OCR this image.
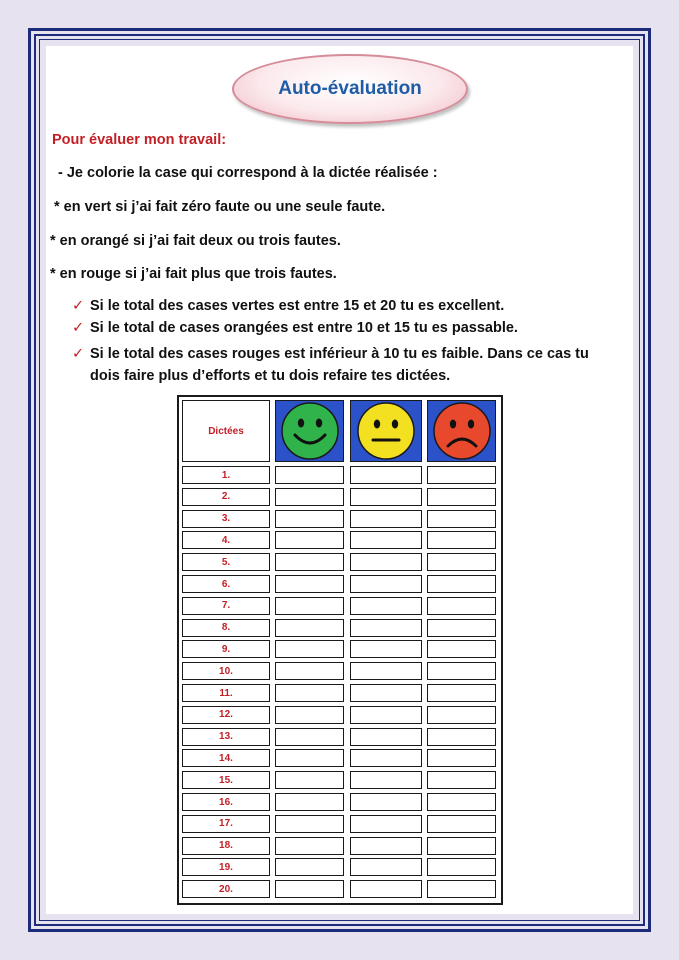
Auto-évaluation
Pour évaluer mon travail:
- Je colorie la case qui correspond à la dictée réalisée :
* en vert si j’ai fait zéro faute ou une seule faute.
* en orangé si j’ai fait deux ou trois fautes.
* en rouge si j’ai fait plus que trois fautes.
✓ Si le total des cases vertes est entre 15 et 20 tu es excellent.
✓ Si le total de cases orangées est entre 10 et 15 tu es passable.
✓ Si le total des cases rouges est inférieur à 10 tu es faible. Dans ce cas tu
dois faire plus d’efforts et tu dois refaire tes dictées.
Dictées
1.
2.
3.
4.
5.
6.
7.
8.
9.
10.
11.
12.
13.
14.
15.
16.
17.
18.
19.
20.
